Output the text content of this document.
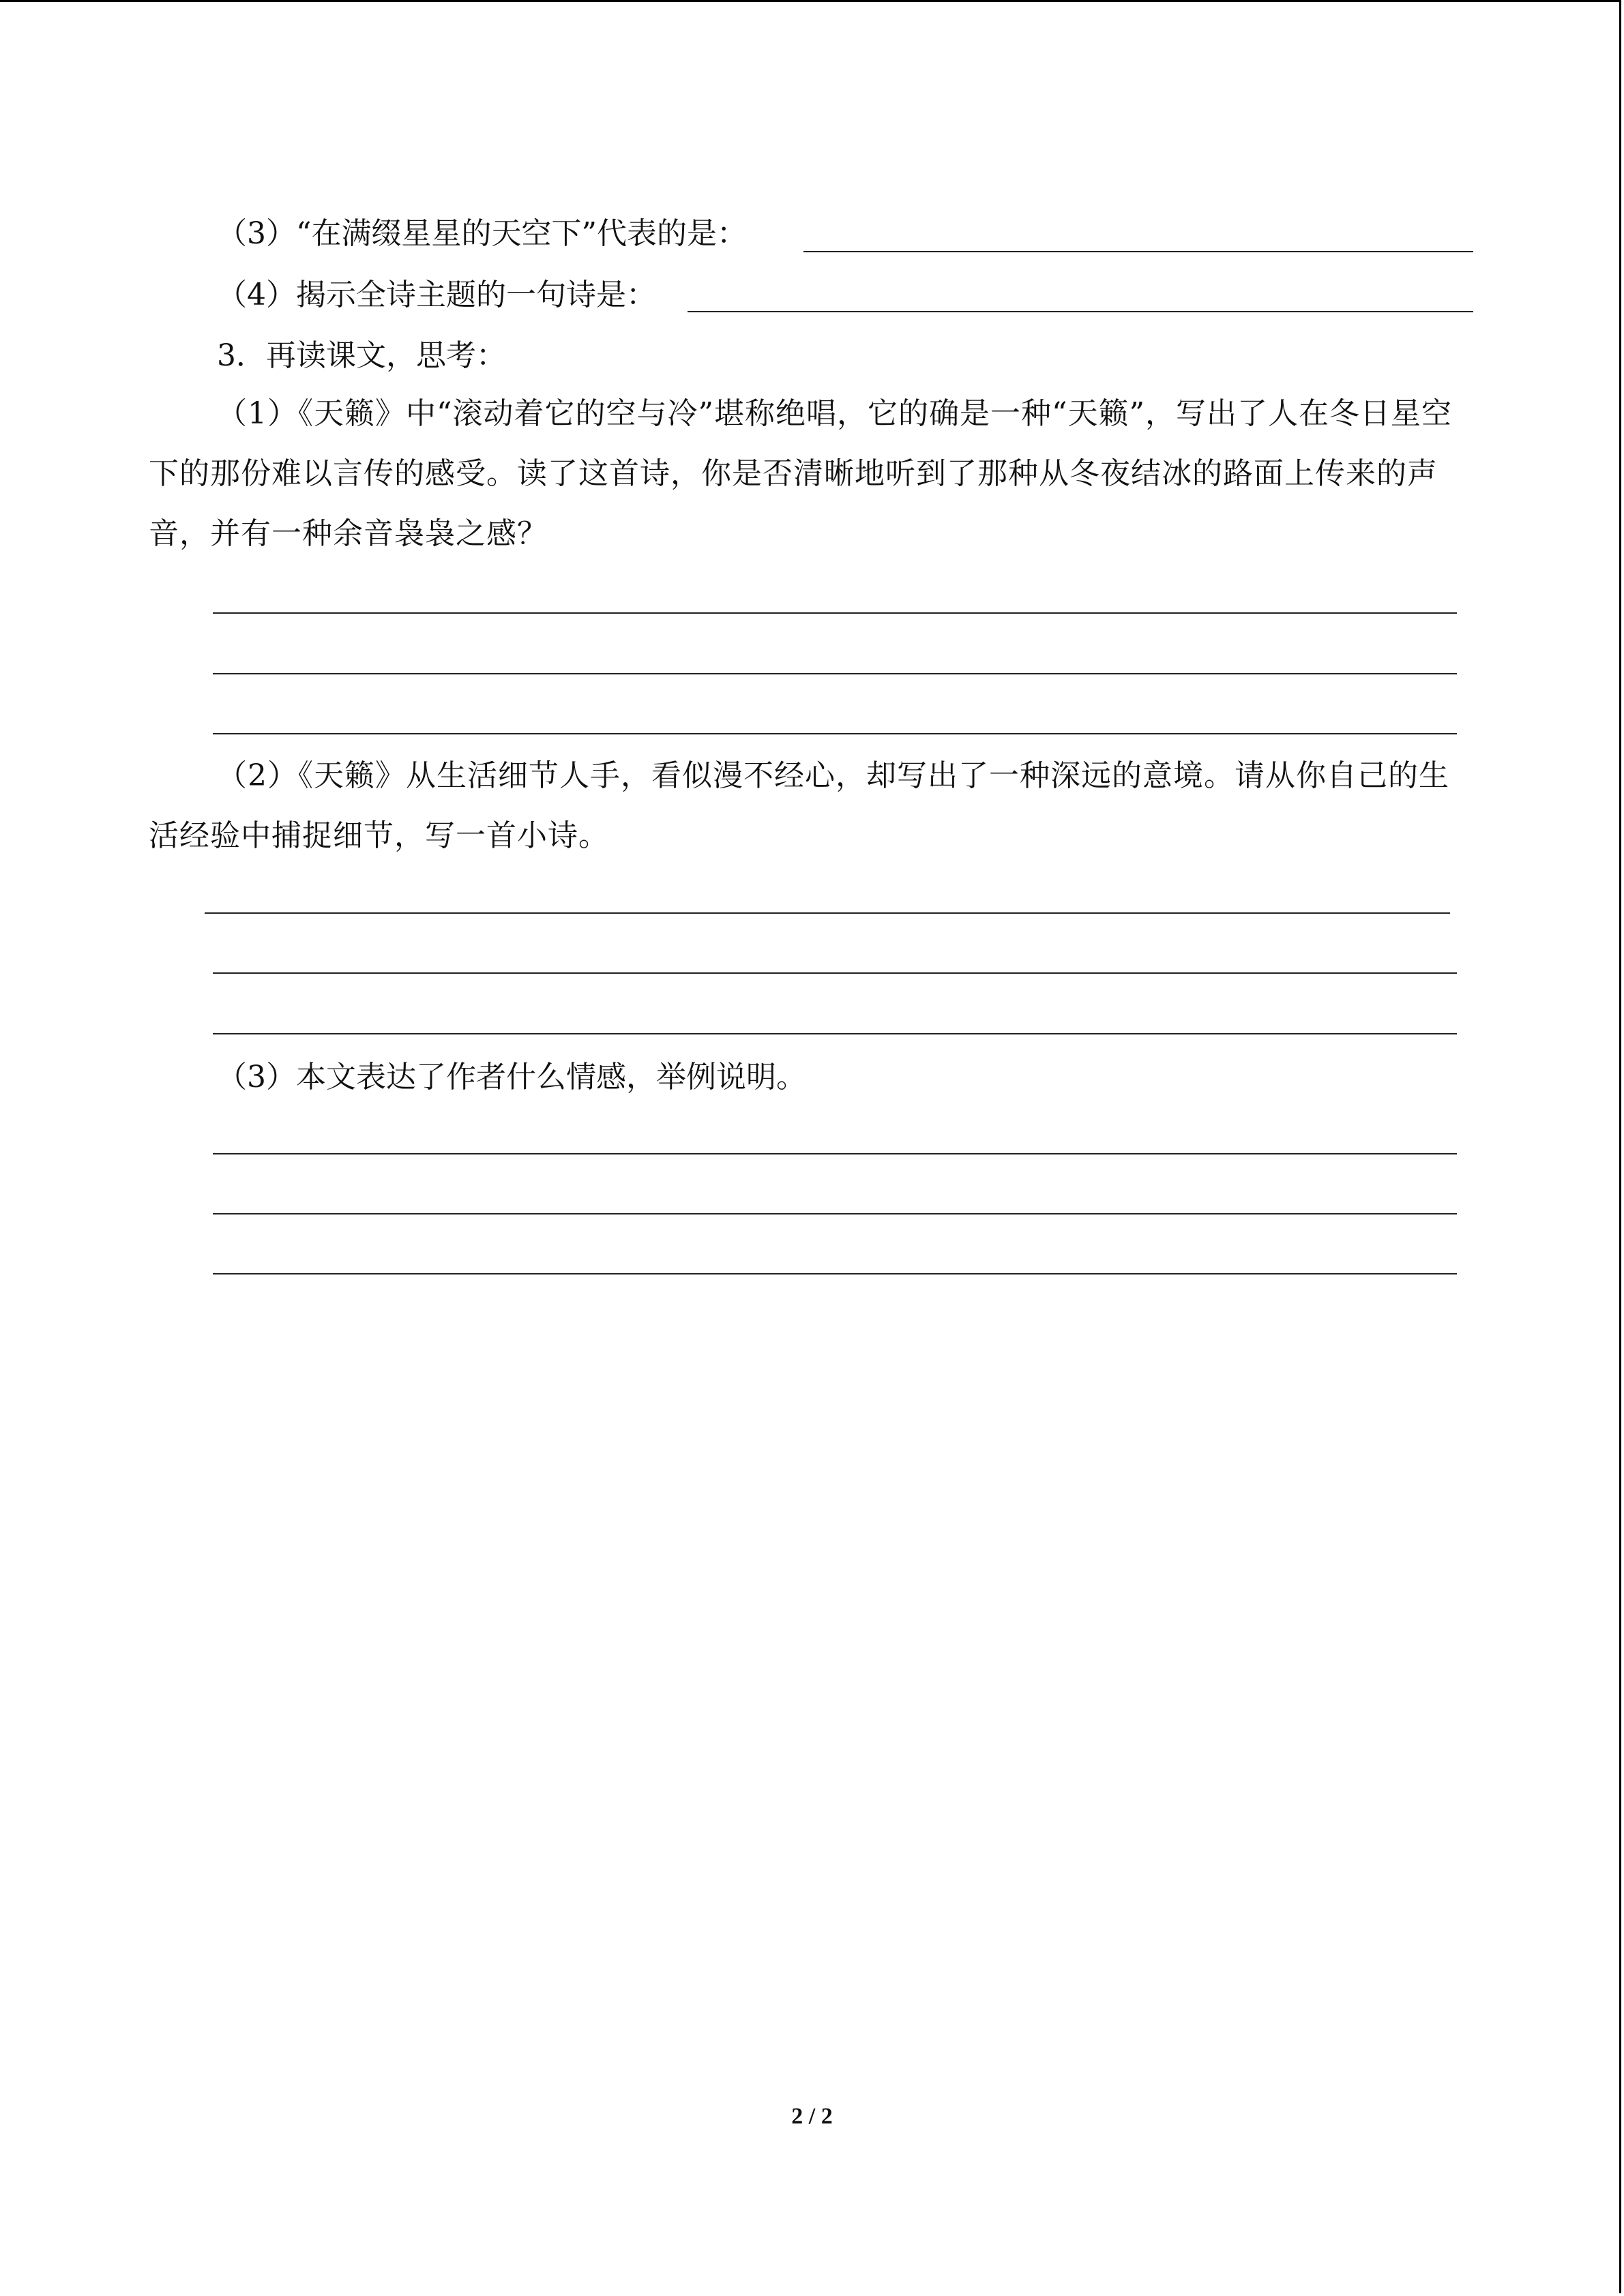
（3）“在满缀星星的天空下”代表的是：
（4）揭示全诗主题的一句诗是：
3．再读课文，思考：
（1）《天籁》中“滚动着它的空与冷”堪称绝唱，它的确是一种“天籁”，写出了人在冬日星空下的那份难以言传的感受。读了这首诗，你是否清晰地听到了那种从冬夜结冰的路面上传来的声音，并有一种余音袅袅之感？
（2）《天籁》从生活细节人手，看似漫不经心，却写出了一种深远的意境。请从你自己的生活经验中捕捉细节，写一首小诗。
（3）本文表达了作者什么情感，举例说明。
2 / 2
